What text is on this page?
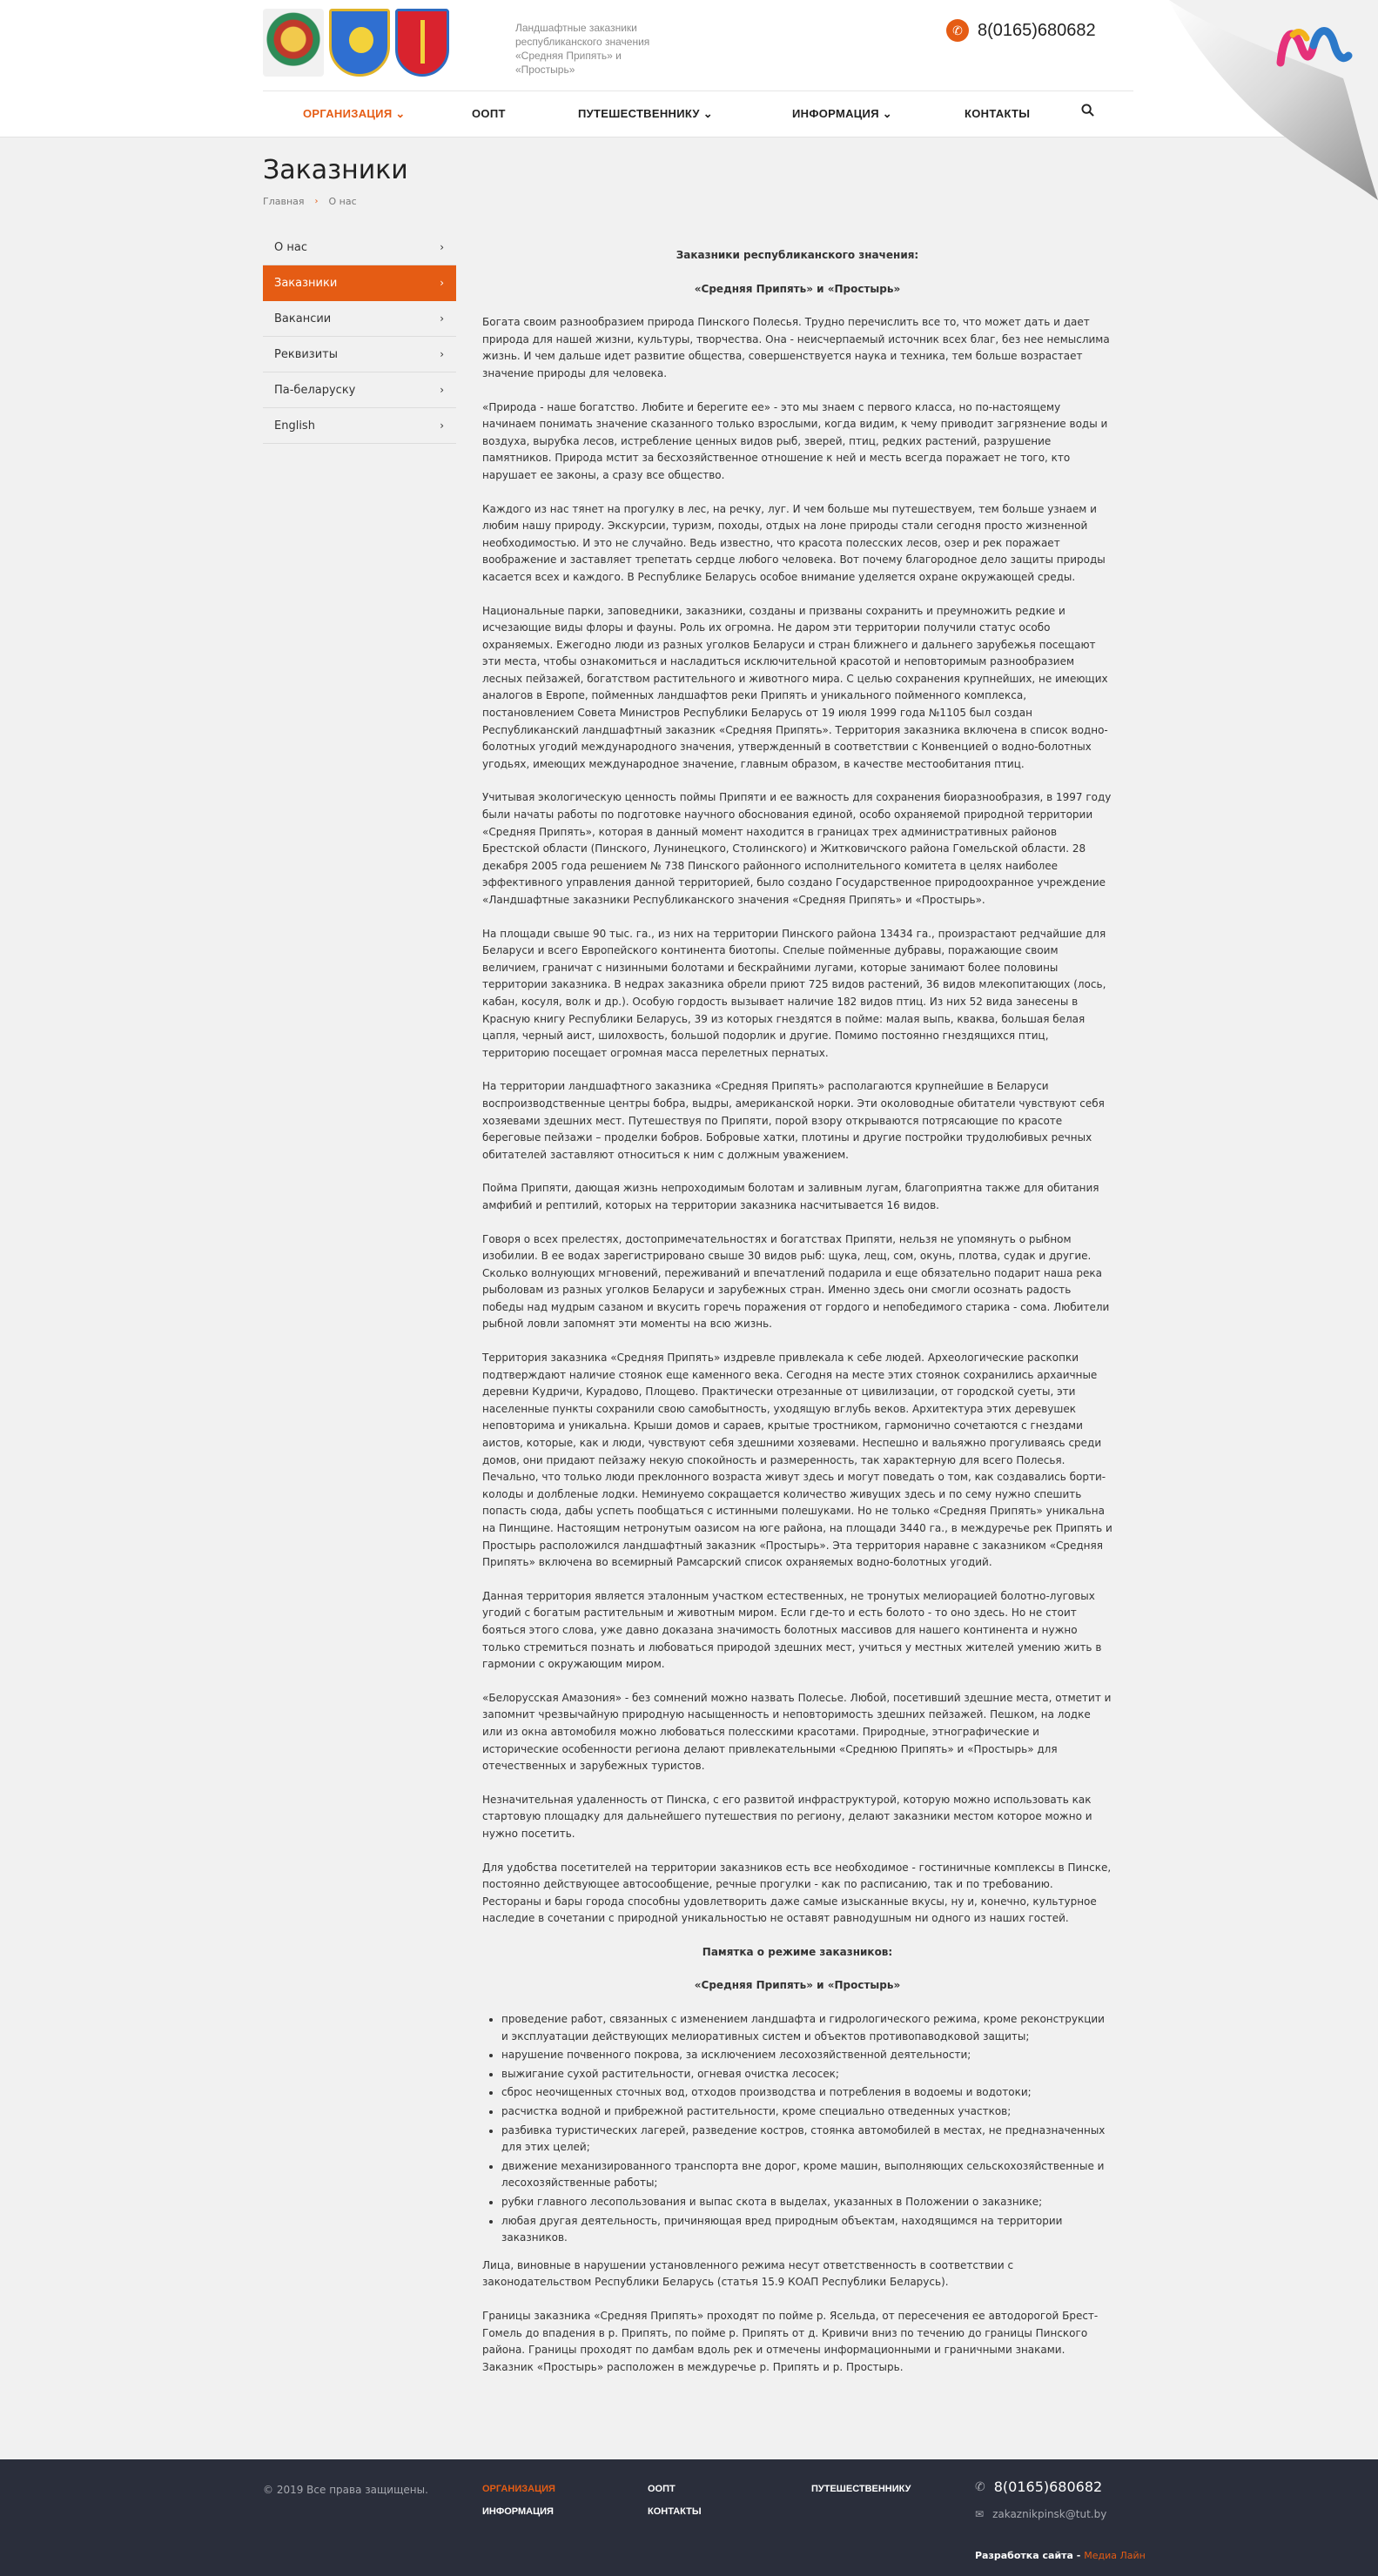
Ландшафтные заказники республиканского значения «Средняя Припять» и «Простырь»
✆ 8(0165)680682
ОРГАНИЗАЦИЯ ⌄	ООПТ	ПУТЕШЕСТВЕННИКУ ⌄	ИНФОРМАЦИЯ ⌄	КОНТАКТЫ
Заказники
Главная › О нас
О нас	›
Заказники	›
Вакансии	›
Реквизиты	›
Па-беларуску	›
English	›
Заказники республиканского значения:
«Средняя Припять» и «Простырь»

Богата своим разнообразием природа Пинского Полесья. Трудно перечислить все то, что может дать и дает природа для нашей жизни, культуры, творчества. Она - неисчерпаемый источник всех благ, без нее немыслима жизнь. И чем дальше идет развитие общества, совершенствуется наука и техника, тем больше возрастает значение природы для человека.

«Природа - наше богатство. Любите и берегите ее» - это мы знаем с первого класса, но по-настоящему начинаем понимать значение сказанного только взрослыми, когда видим, к чему приводит загрязнение воды и воздуха, вырубка лесов, истребление ценных видов рыб, зверей, птиц, редких растений, разрушение памятников. Природа мстит за бесхозяйственное отношение к ней и месть всегда поражает не того, кто нарушает ее законы, а сразу все общество.

Каждого из нас тянет на прогулку в лес, на речку, луг. И чем больше мы путешествуем, тем больше узнаем и любим нашу природу. Экскурсии, туризм, походы, отдых на лоне природы стали сегодня просто жизненной необходимостью. И это не случайно. Ведь известно, что красота полесских лесов, озер и рек поражает воображение и заставляет трепетать сердце любого человека. Вот почему благородное дело защиты природы касается всех и каждого. В Республике Беларусь особое внимание уделяется охране окружающей среды.

Национальные парки, заповедники, заказники, созданы и призваны сохранить и преумножить редкие и исчезающие виды флоры и фауны. Роль их огромна. Не даром эти территории получили статус особо охраняемых. Ежегодно люди из разных уголков Беларуси и стран ближнего и дальнего зарубежья посещают эти места, чтобы ознакомиться и насладиться исключительной красотой и неповторимым разнообразием лесных пейзажей, богатством растительного и животного мира. С целью сохранения крупнейших, не имеющих аналогов в Европе, пойменных ландшафтов реки Припять и уникального пойменного комплекса, постановлением Совета Министров Республики Беларусь от 19 июля 1999 года №1105 был создан Республиканский ландшафтный заказник «Средняя Припять». Территория заказника включена в список водно-болотных угодий международного значения, утвержденный в соответствии с Конвенцией о водно-болотных угодьях, имеющих международное значение, главным образом, в качестве местообитания птиц.

Учитывая экологическую ценность поймы Припяти и ее важность для сохранения биоразнообразия, в 1997 году были начаты работы по подготовке научного обоснования единой, особо охраняемой природной территории «Средняя Припять», которая в данный момент находится в границах трех административных районов Брестской области (Пинского, Лунинецкого, Столинского) и Житковичского района Гомельской области. 28 декабря 2005 года решением № 738 Пинского районного исполнительного комитета в целях наиболее эффективного управления данной территорией, было создано Государственное природоохранное учреждение «Ландшафтные заказники Республиканского значения «Средняя Припять» и «Простырь».

На площади свыше 90 тыс. га., из них на территории Пинского района 13434 га., произрастают редчайшие для Беларуси и всего Европейского континента биотопы. Спелые пойменные дубравы, поражающие своим величием, граничат с низинными болотами и бескрайними лугами, которые занимают более половины территории заказника. В недрах заказника обрели приют 725 видов растений, 36 видов млекопитающих (лось, кабан, косуля, волк и др.). Особую гордость вызывает наличие 182 видов птиц. Из них 52 вида занесены в Красную книгу Республики Беларусь, 39 из которых гнездятся в пойме: малая выпь, кваква, большая белая цапля, черный аист, шилохвость, большой подорлик и другие. Помимо постоянно гнездящихся птиц, территорию посещает огромная масса перелетных пернатых.

На территории ландшафтного заказника «Средняя Припять» располагаются крупнейшие в Беларуси воспроизводственные центры бобра, выдры, американской норки. Эти околоводные обитатели чувствуют себя хозяевами здешних мест. Путешествуя по Припяти, порой взору открываются потрясающие по красоте береговые пейзажи – проделки бобров. Бобровые хатки, плотины и другие постройки трудолюбивых речных обитателей заставляют относиться к ним с должным уважением.

Пойма Припяти, дающая жизнь непроходимым болотам и заливным лугам, благоприятна также для обитания амфибий и рептилий, которых на территории заказника насчитывается 16 видов.

Говоря о всех прелестях, достопримечательностях и богатствах Припяти, нельзя не упомянуть о рыбном изобилии. В ее водах зарегистрировано свыше 30 видов рыб: щука, лещ, сом, окунь, плотва, судак и другие. Сколько волнующих мгновений, переживаний и впечатлений подарила и еще обязательно подарит наша река рыболовам из разных уголков Беларуси и зарубежных стран. Именно здесь они смогли осознать радость победы над мудрым сазаном и вкусить горечь поражения от гордого и непобедимого старика - сома. Любители рыбной ловли запомнят эти моменты на всю жизнь.

Территория заказника «Средняя Припять» издревле привлекала к себе людей. Археологические раскопки подтверждают наличие стоянок еще каменного века. Сегодня на месте этих стоянок сохранились архаичные деревни Кудричи, Курадово, Площево. Практически отрезанные от цивилизации, от городской суеты, эти населенные пункты сохранили свою самобытность, уходящую вглубь веков. Архитектура этих деревушек неповторима и уникальна. Крыши домов и сараев, крытые тростником, гармонично сочетаются с гнездами аистов, которые, как и люди, чувствуют себя здешними хозяевами. Неспешно и вальяжно прогуливаясь среди домов, они придают пейзажу некую спокойность и размеренность, так характерную для всего Полесья. Печально, что только люди преклонного возраста живут здесь и могут поведать о том, как создавались борти-колоды и долбленые лодки. Неминуемо сокращается количество живущих здесь и по сему нужно спешить попасть сюда, дабы успеть пообщаться с истинными полешуками. Но не только «Средняя Припять» уникальна на Пинщине. Настоящим нетронутым оазисом на юге района, на площади 3440 га., в междуречье рек Припять и Простырь расположился ландшафтный заказник «Простырь». Эта территория наравне с заказником «Средняя Припять» включена во всемирный Рамсарский список охраняемых водно-болотных угодий.

Данная территория является эталонным участком естественных, не тронутых мелиорацией болотно-луговых угодий с богатым растительным и животным миром. Если где-то и есть болото - то оно здесь. Но не стоит бояться этого слова, уже давно доказана значимость болотных массивов для нашего континента и нужно только стремиться познать и любоваться природой здешних мест, учиться у местных жителей умению жить в гармонии с окружающим миром.

«Белорусская Амазония» - без сомнений можно назвать Полесье. Любой, посетивший здешние места, отметит и запомнит чрезвычайную природную насыщенность и неповторимость здешних пейзажей. Пешком, на лодке или из окна автомобиля можно любоваться полесскими красотами. Природные, этнографические и исторические особенности региона делают привлекательными «Среднюю Припять» и «Простырь» для отечественных и зарубежных туристов.

Незначительная удаленность от Пинска, с его развитой инфраструктурой, которую можно использовать как стартовую площадку для дальнейшего путешествия по региону, делают заказники местом которое можно и нужно посетить.

Для удобства посетителей на территории заказников есть все необходимое - гостиничные комплексы в Пинске, постоянно действующее автосообщение, речные прогулки - как по расписанию, так и по требованию. Рестораны и бары города способны удовлетворить даже самые изысканные вкусы, ну и, конечно, культурное наследие в сочетании с природной уникальностью не оставят равнодушным ни одного из наших гостей.

Памятка о режиме заказников:
«Средняя Припять» и «Простырь»
• проведение работ, связанных с изменением ландшафта и гидрологического режима, кроме реконструкции и эксплуатации действующих мелиоративных систем и объектов противопаводковой защиты;
• нарушение почвенного покрова, за исключением лесохозяйственной деятельности;
• выжигание сухой растительности, огневая очистка лесосек;
• сброс неочищенных сточных вод, отходов производства и потребления в водоемы и водотоки;
• расчистка водной и прибрежной растительности, кроме специально отведенных участков;
• разбивка туристических лагерей, разведение костров, стоянка автомобилей в местах, не предназначенных для этих целей;
• движение механизированного транспорта вне дорог, кроме машин, выполняющих сельскохозяйственные и лесохозяйственные работы;
• рубки главного лесопользования и выпас скота в выделах, указанных в Положении о заказнике;
• любая другая деятельность, причиняющая вред природным объектам, находящимся на территории заказников.

Лица, виновные в нарушении установленного режима несут ответственность в соответствии с законодательством Республики Беларусь (статья 15.9 КОАП Республики Беларусь).

Границы заказника «Средняя Припять» проходят по пойме р. Ясельда, от пересечения ее автодорогой Брест-Гомель до впадения в р. Припять, по пойме р. Припять от д. Кривичи вниз по течению до границы Пинского района. Границы проходят по дамбам вдоль рек и отмечены информационными и граничными знаками. Заказник «Простырь» расположен в междуречье р. Припять и р. Простырь.

© 2019 Все права защищены.	ОРГАНИЗАЦИЯ	ООПТ	ПУТЕШЕСТВЕННИКУ
ИНФОРМАЦИЯ	КОНТАКТЫ
✆ 8(0165)680682
✉ zakaznikpinsk@tut.by
Разработка сайта - Медиа Лайн
